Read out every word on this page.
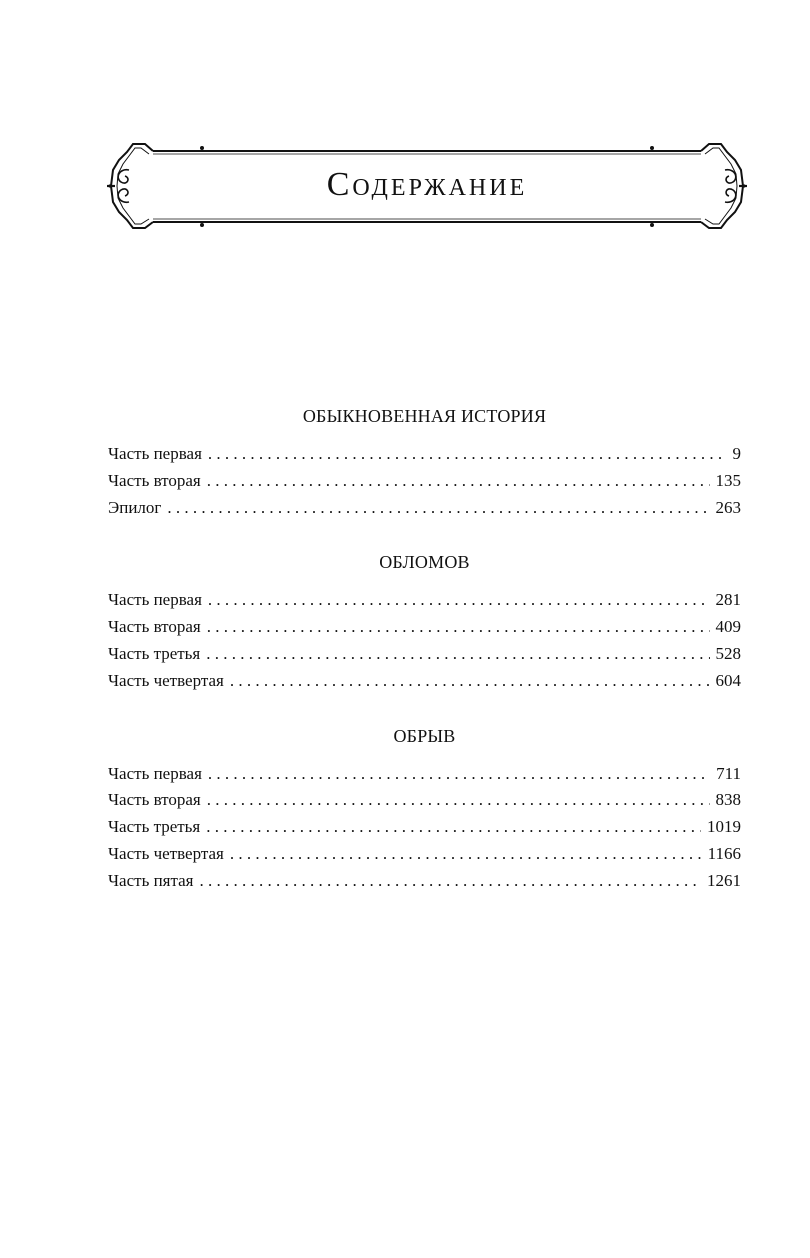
Содержание
ОБЫКНОВЕННАЯ ИСТОРИЯ
Часть первая . . .	9
Часть вторая . . .	135
Эпилог . . .	263
ОБЛОМОВ
Часть первая . . .	281
Часть вторая . . .	409
Часть третья . . .	528
Часть четвертая . . .	604
ОБРЫВ
Часть первая . . .	711
Часть вторая . . .	838
Часть третья . . .	1019
Часть четвертая . . .	1166
Часть пятая . . .	1261
